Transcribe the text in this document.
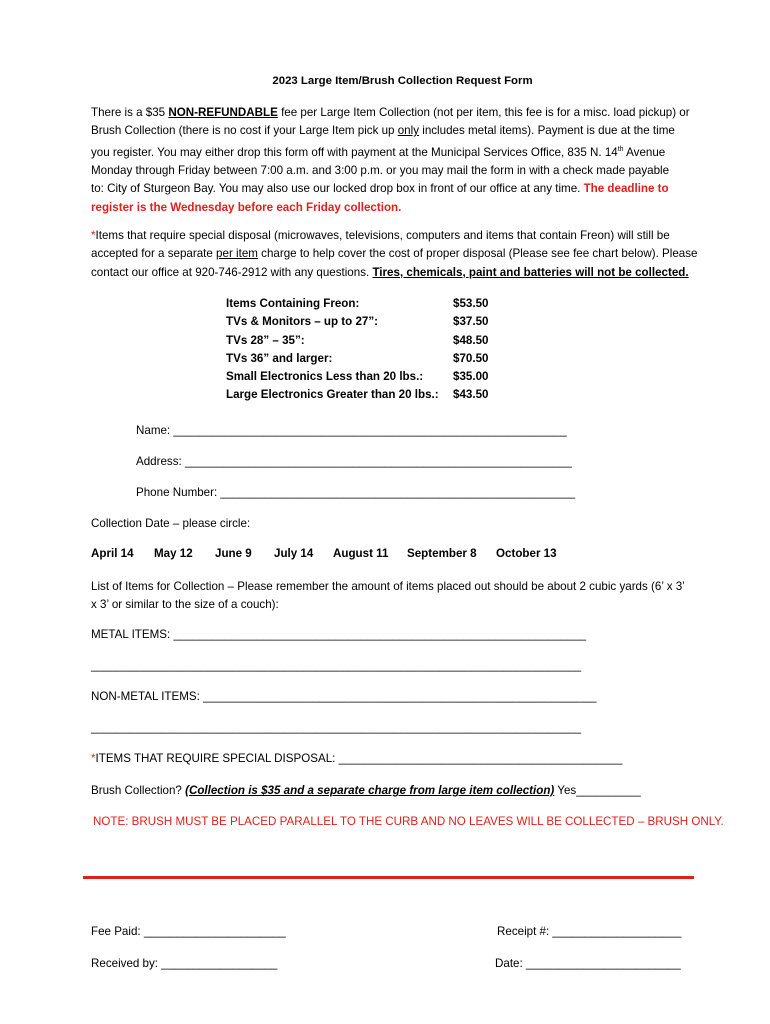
2023 Large Item/Brush Collection Request Form
There is a $35 NON-REFUNDABLE fee per Large Item Collection (not per item, this fee is for a misc. load pickup) or
Brush Collection (there is no cost if your Large Item pick up only includes metal items). Payment is due at the time
you register. You may either drop this form off with payment at the Municipal Services Office, 835 N. 14th Avenue
Monday through Friday between 7:00 a.m. and 3:00 p.m. or you may mail the form in with a check made payable
to: City of Sturgeon Bay. You may also use our locked drop box in front of our office at any time. The deadline to
register is the Wednesday before each Friday collection.
*Items that require special disposal (microwaves, televisions, computers and items that contain Freon) will still be
accepted for a separate per item charge to help cover the cost of proper disposal (Please see fee chart below). Please
contact our office at 920-746-2912 with any questions. Tires, chemicals, paint and batteries will not be collected.
Items Containing Freon:	$53.50
TVs & Monitors – up to 27”:	$37.50
TVs 28” – 35”:	$48.50
TVs 36” and larger:	$70.50
Small Electronics Less than 20 lbs.:	$35.00
Large Electronics Greater than 20 lbs.: $43.50
Name: _____________________________________________________________
Address: ____________________________________________________________
Phone Number: _______________________________________________________
Collection Date – please circle:
April 14 May 12 June 9 July 14 August 11 September 8 October 13
List of Items for Collection – Please remember the amount of items placed out should be about 2 cubic yards (6’ x 3’
x 3’ or similar to the size of a couch):
METAL ITEMS: ________________________________________________________________
____________________________________________________________________________
NON-METAL ITEMS: _____________________________________________________________
____________________________________________________________________________
*ITEMS THAT REQUIRE SPECIAL DISPOSAL: ____________________________________________
Brush Collection? (Collection is $35 and a separate charge from large item collection) Yes__________
NOTE: BRUSH MUST BE PLACED PARALLEL TO THE CURB AND NO LEAVES WILL BE COLLECTED – BRUSH ONLY.
Fee Paid: ______________________	Receipt #: ____________________
Received by: __________________	Date: ________________________
